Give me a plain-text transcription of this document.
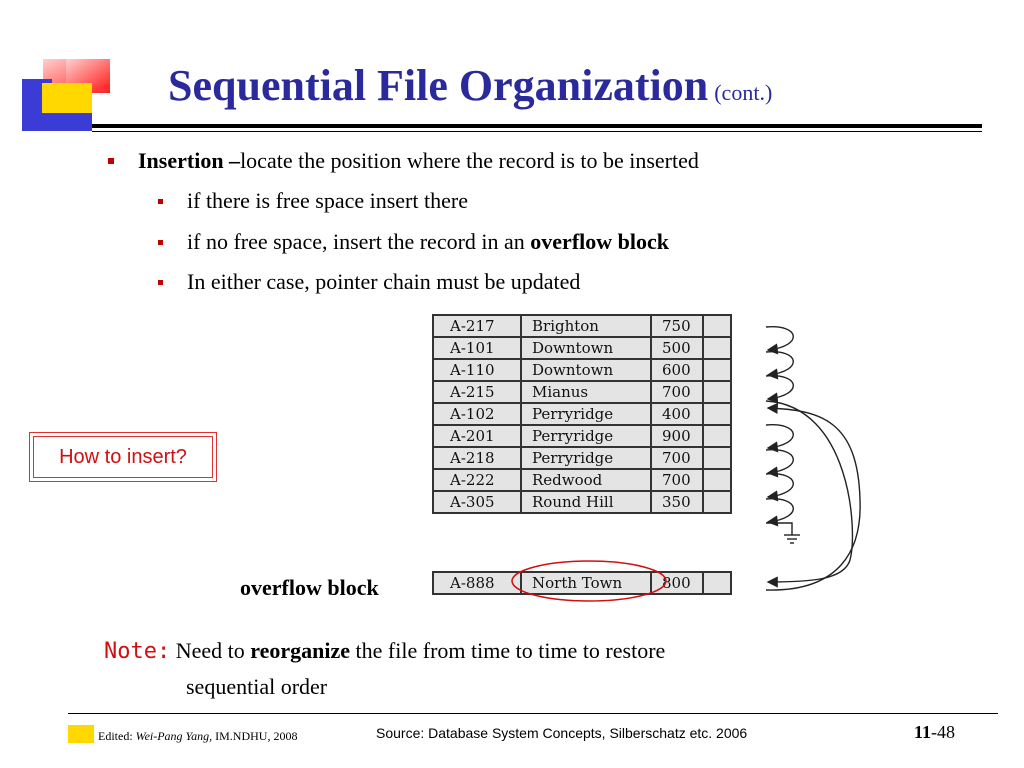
Sequential File Organization (cont.)
Insertion –locate the position where the record is to be inserted
if there is free space insert there
if no free space, insert the record in an overflow block
In either case, pointer chain must be updated
How to insert?
A-217	Brighton	750	
A-101	Downtown	500	
A-110	Downtown	600	
A-215	Mianus	700	
A-102	Perryridge	400	
A-201	Perryridge	900	
A-218	Perryridge	700	
A-222	Redwood	700	
A-305	Round Hill	350	
A-888	North Town	800	
overflow block
Note: Need to reorganize the file from time to time to restore
sequential order
Edited: Wei-Pang Yang, IM.NDHU, 2008	Source: Database System Concepts, Silberschatz etc. 2006	11-48
